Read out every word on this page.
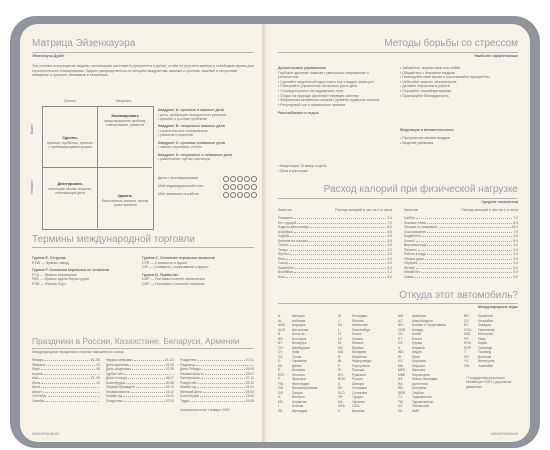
Матрица Эйзенхауэра
Эйзенхауэр Дуайт
Эта техника используется людьми, желающими расставить приоритеты в делах, чтобы не упустить важное и освободить время для стратегического планирования. Задачи распределяются по четырём квадрантам: важные и срочные, важные и несрочные, неважные и срочные, неважные и несрочные.
Срочно	Несрочно
Важно
Неважно
Сделать
кризисы, проблемы, проекты с приближающимся сроком
Запланировать
предотвращение проблем, планирование, развитие
Делегировать
некоторые звонки, встречи, отвлекающие дела
Удалить
бесполезные занятия, пустая трата времени
Квадрант A: срочные и важные дела
• дела, требующие немедленного решения
• кризисы и срочные проблемы
Квадрант B: несрочные важные дела
• стратегическое планирование
• развитие отношений
Квадрант C: срочные неважные дела
• звонки, переписка, отчёты
Квадрант D: несрочные и неважные дела
• развлечения, пустые разговоры
Дела с противоречиями
Мой индивидуальный план
Мне назначено в работе
Термины международной торговли
Группа Е. Отгрузка
EXW — Франко завод
Группа F. Основная перевозка не оплачена
FCA — Франко перевозчик
FAS — Франко вдоль борта судна
FOB — Франко борт
Группа C. Основная перевозка оплачена
CFR — Стоимость и фрахт
CIF — Стоимость, страхование и фрахт
Группа D. Прибытие
DAP — Поставка в месте назначения
DDP — Поставка с оплатой пошлины
Праздники в России, Казахстане, Беларуси, Армении
Международные праздники в странах таможенного союза
Январь	01–08
Февраль	23
Март	08
Апрель	—
Май	01, 09
Июнь	12
Июль	—
Август	—
Сентябрь	—
Октябрь	—
Наурыз мейрамы	21–23
День единства	01.05
День защитника	07.05
Курбан айт	—
День столицы	06.07
Конституция	30.08
Первый Президент	01.12
Независимость	16.12
Новый год	01.01
Рождество	07.01
Рождество	07.01
Радуница	—
День Победы	09.05
Независимость	03.07
Октябрьская	07.11
Рождество	25.12
Новый год	01.01
Женский день	08.03
Конституция	15.03
Труда	01.05
Актуальность на 1 января 2019
MEMORANDUM
Методы борьбы со стрессом
Наиболее эффективные
Дыхательные упражнения
Глубокое дыхание помогает уменьшить напряжение и успокоиться
• Сделайте медленный вдох через нос и выдох через рот
• Повторяйте упражнение несколько раз в день
• Сосредоточьтесь на ощущениях тела
• Отдых на природе укрепляет нервную систему
• Физическая активность снижает уровень гормонов стресса
• Регулярный сон и правильное питание
Расслабление и отдых
• Займитесь творчеством или хобби
• Общайтесь с близкими людьми
• Планируйте своё время и расставляйте приоритеты
• Избегайте лишних обязательств
• Делайте перерывы в работе
• Слушайте спокойную музыку
• Практикуйте благодарность
Медитация и внимательность
• Медитация 10 минут в день
• Йога и растяжка
• Прогулки на свежем воздухе
• Ведение дневника
Расход калорий при физической нагрузке
Средние показатели
Занятие	Расход калорий в час на 1 кг веса	Занятие	Расход калорий в час на 1 кг веса
Плавание	3,4
Бег трусцой	7,0
Езда на велосипеде	6,0
Аэробика	6,5
Ходьба	3,8
Катание на коньках	5,5
Теннис	4,9
Танцы	4,0
Футбол	5,5
Йога	3,0
Гольф	4,3
Баскетбол	6,0
Волейбол	3,2
Бокс	8,0
Гребля	7,0
Лыжные гонки	8,5
Прыжки со скакалкой	10,0
Скалолазание	7,5
Бадминтон	4,5
Хоккей	8,0
Верховая езда	4,0
Пилатес	3,5
Работа в саду	4,5
Уборка дома	3,5
Сёрфинг	3,0
Фитнес	5,0
Лёгкий бег	6,5
Сквош	9,0
Откуда этот автомобиль?
Международные коды
A	Австрия
AL	Албания
AND	Андорра
AUS	Австралия
B	Бельгия
BG	Болгария
BY	Беларусь
CH	Швейцария
CY	Кипр
CZ	Чехия
D	Германия
DK	Дания
E	Испания
EST	Эстония
F	Франция
FIN	Финляндия
GB	Великобритания
GR	Греция
H	Венгрия
HR	Хорватия
I	Италия
IRL	Ирландия
IS	Исландия
J	Япония
KZ	Казахстан
L	Люксембург
LT	Литва
LV	Латвия
M	Мальта
MC	Монако
MD	Молдова
N	Норвегия
NL	Нидерланды
P	Португалия
PL	Польша
RO	Румыния
RUS	Россия
S	Швеция
SK	Словакия
SLO	Словения
TR	Турция
UA	Украина
USA	США
V	Ватикан
AM	Армения
AZ	Азербайджан
BIH	Босния и Герцеговина
CDN	Канада
CN	Китай
ET	Египет
GE	Грузия
IL	Израиль
IND	Индия
IR	Иран
KS	Киргизия
MA	Марокко
MEX	Мексика
MNE	Черногория
NZ	Новая Зеландия
RA	Аргентина
RB	Ботсвана
SRB	Сербия
TJ	Таджикистан
TM	Туркменистан
UZ	Узбекистан
ZA	ЮАР
BR	Бразилия
CO	Колумбия
EC	Эквадор
GCA	Гватемала
MGL	Монголия
PE	Перу
ROK	Корея
SGP	Сингапур
T	Таиланд
VN	Вьетнам
YV	Венесуэла
ZW	Зимбабве
* Государства-участники Конвенции ООН о дорожном движении
MEMORANDUM
